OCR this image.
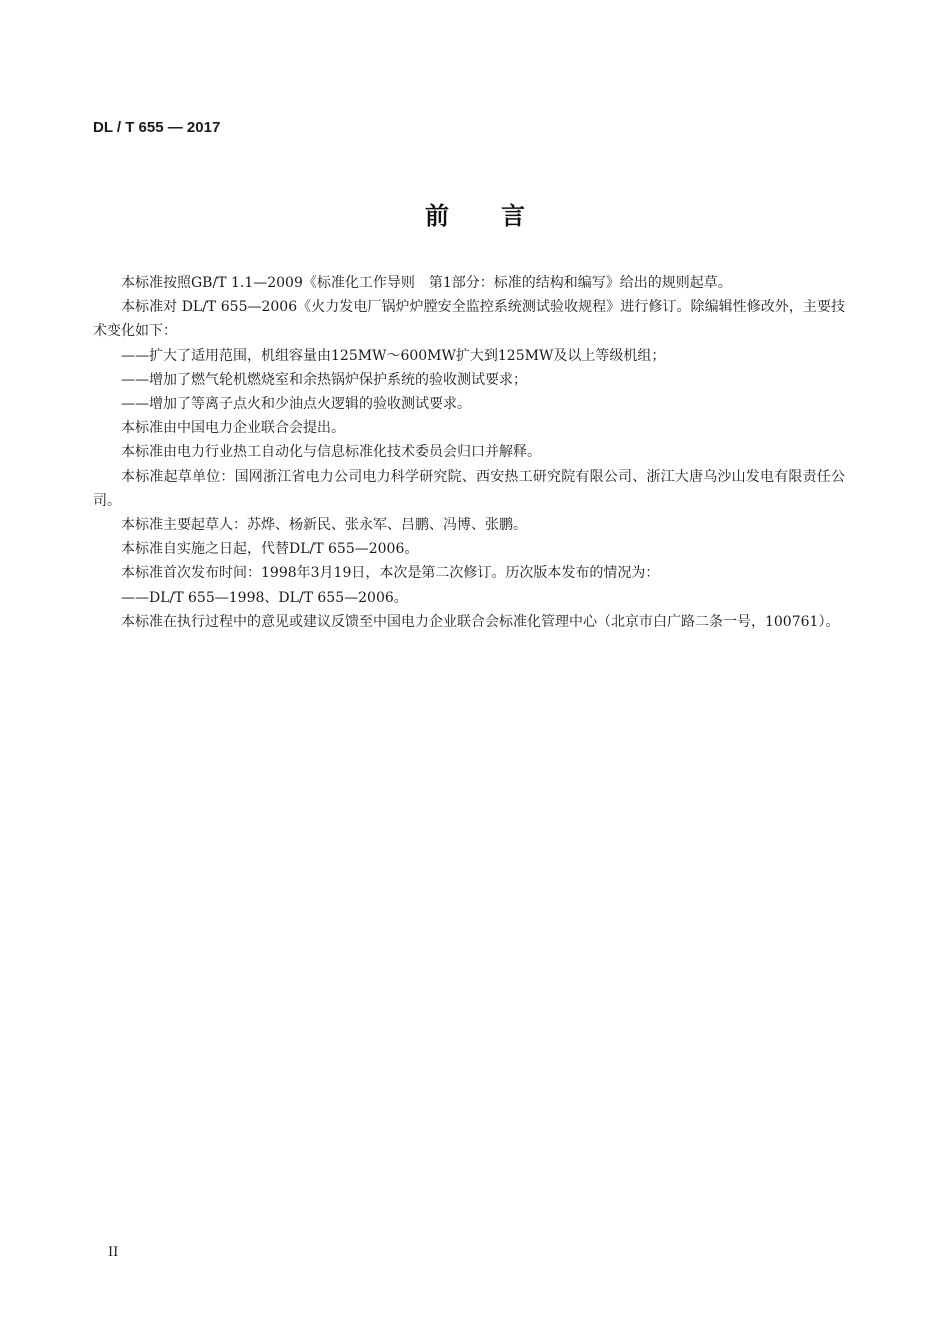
DL / T 655 — 2017
前言

本标准按照GB/T 1.1—2009《标准化工作导则　第1部分：标准的结构和编写》给出的规则起草。

本标准对 DL/T 655—2006《火力发电厂锅炉炉膛安全监控系统测试验收规程》进行修订。除编辑性修改外，主要技术变化如下：

——扩大了适用范围，机组容量由125MW～600MW扩大到125MW及以上等级机组；

——增加了燃气轮机燃烧室和余热锅炉保护系统的验收测试要求；

——增加了等离子点火和少油点火逻辑的验收测试要求。

本标准由中国电力企业联合会提出。

本标准由电力行业热工自动化与信息标准化技术委员会归口并解释。

本标准起草单位：国网浙江省电力公司电力科学研究院、西安热工研究院有限公司、浙江大唐乌沙山发电有限责任公司。

本标准主要起草人：苏烨、杨新民、张永军、吕鹏、冯博、张鹏。

本标准自实施之日起，代替DL/T 655—2006。

本标准首次发布时间：1998年3月19日，本次是第二次修订。历次版本发布的情况为：

——DL/T 655—1998、DL/T 655—2006。

本标准在执行过程中的意见或建议反馈至中国电力企业联合会标准化管理中心（北京市白广路二条一号，100761）。

II
